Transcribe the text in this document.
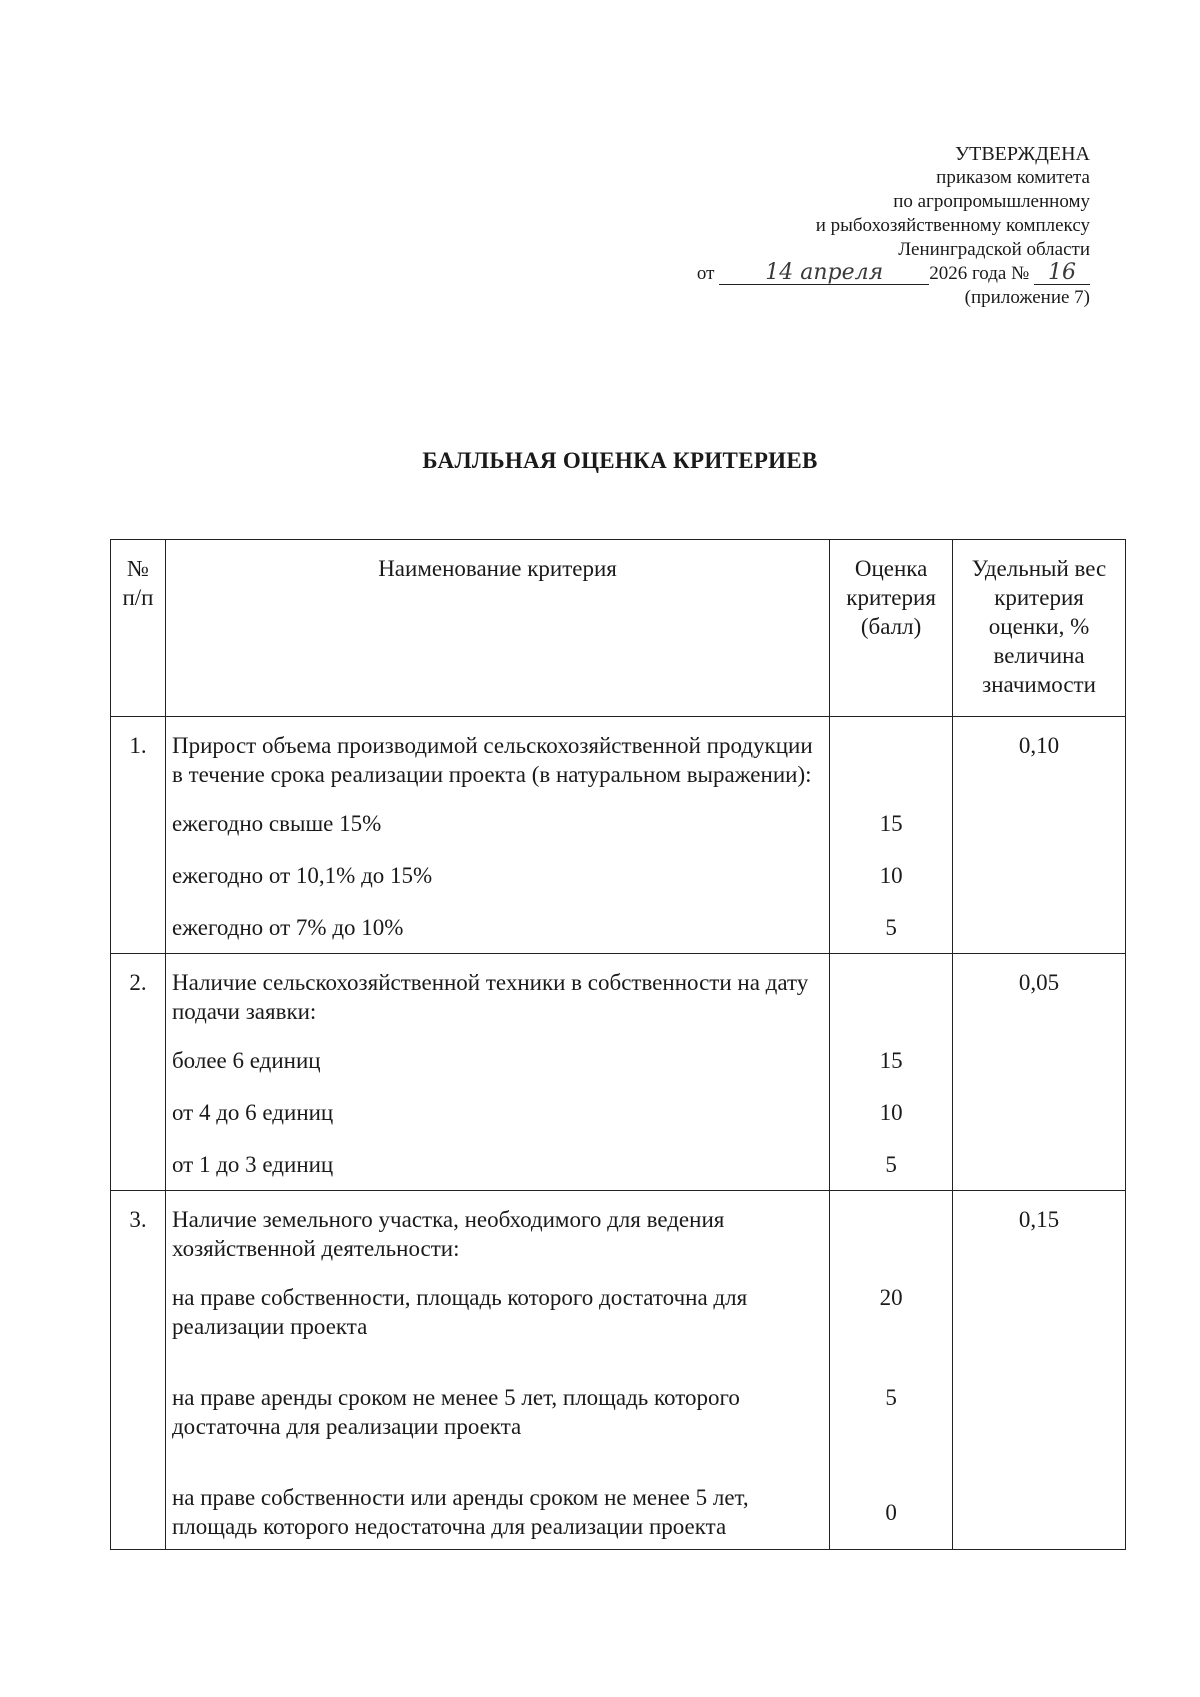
УТВЕРЖДЕНА
приказом комитета
по агропромышленному
и рыбохозяйственному комплексу
Ленинградской области
от 14 апреля 2026 года № 16
(приложение 7)
БАЛЛЬНАЯ ОЦЕНКА КРИТЕРИЕВ
№ п/п	Наименование критерия	Оценка критерия (балл)	Удельный вес критерия оценки, % величина значимости
1.	Прирост объема производимой сельскохозяйственной продукции в течение срока реализации проекта (в натуральном выражении):		0,10
	ежегодно свыше 15%	15	
	ежегодно от 10,1% до 15%	10	
	ежегодно от 7% до 10%	5	
2.	Наличие сельскохозяйственной техники в собственности на дату подачи заявки:		0,05
	более 6 единиц	15	
	от 4 до 6 единиц	10	
	от 1 до 3 единиц	5	
3.	Наличие земельного участка, необходимого для ведения хозяйственной деятельности:		0,15
	на праве собственности, площадь которого достаточна для реализации проекта	20	
	на праве аренды сроком не менее 5 лет, площадь которого достаточна для реализации проекта	5	
	на праве собственности или аренды сроком не менее 5 лет, площадь которого недостаточна для реализации проекта	0	
